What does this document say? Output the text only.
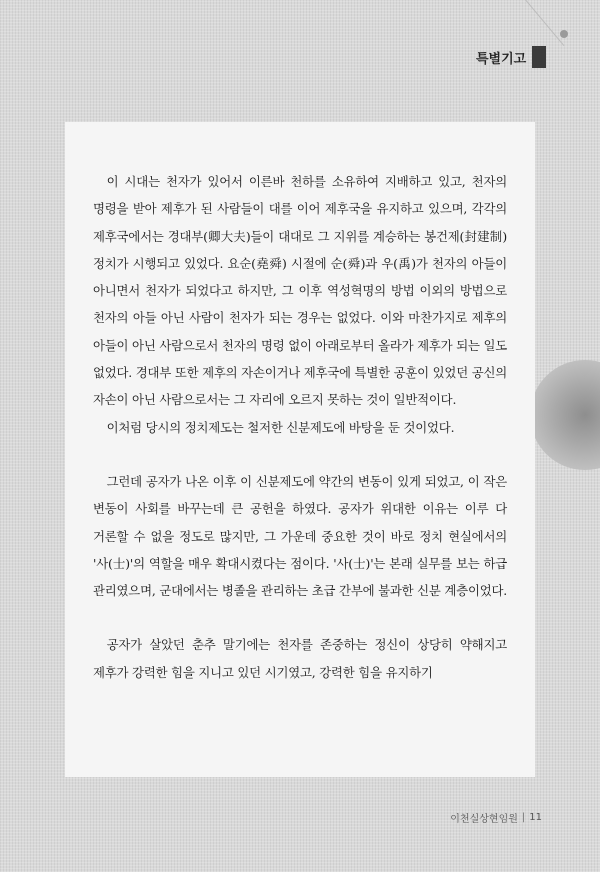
특별기고

이 시대는 천자가 있어서 이른바 천하를 소유하여 지배하고 있고, 천자의 명령을 받아 제후가 된 사람들이 대를 이어 제후국을 유지하고 있으며, 각각의 제후국에서는 경대부(卿大夫)들이 대대로 그 지위를 계승하는 봉건제(封建制) 정치가 시행되고 있었다. 요순(堯舜) 시절에 순(舜)과 우(禹)가 천자의 아들이 아니면서 천자가 되었다고 하지만, 그 이후 역성혁명의 방법 이외의 방법으로 천자의 아들 아닌 사람이 천자가 되는 경우는 없었다. 이와 마찬가지로 제후의 아들이 아닌 사람으로서 천자의 명령 없이 아래로부터 올라가 제후가 되는 일도 없었다. 경대부 또한 제후의 자손이거나 제후국에 특별한 공훈이 있었던 공신의 자손이 아닌 사람으로서는 그 자리에 오르지 못하는 것이 일반적이다.

이처럼 당시의 정치제도는 철저한 신분제도에 바탕을 둔 것이었다.

그런데 공자가 나온 이후 이 신분제도에 약간의 변동이 있게 되었고, 이 작은 변동이 사회를 바꾸는데 큰 공헌을 하였다. 공자가 위대한 이유는 이루 다 거론할 수 없을 정도로 많지만, 그 가운데 중요한 것이 바로 정치 현실에서의 '사(士)'의 역할을 매우 확대시켰다는 점이다. '사(士)'는 본래 실무를 보는 하급 관리였으며, 군대에서는 병졸을 관리하는 초급 간부에 불과한 신분 계층이었다.

공자가 살았던 춘추 말기에는 천자를 존중하는 정신이 상당히 약해지고 제후가 강력한 힘을 지니고 있던 시기였고, 강력한 힘을 유지하기

이천실상현임원 | 11
